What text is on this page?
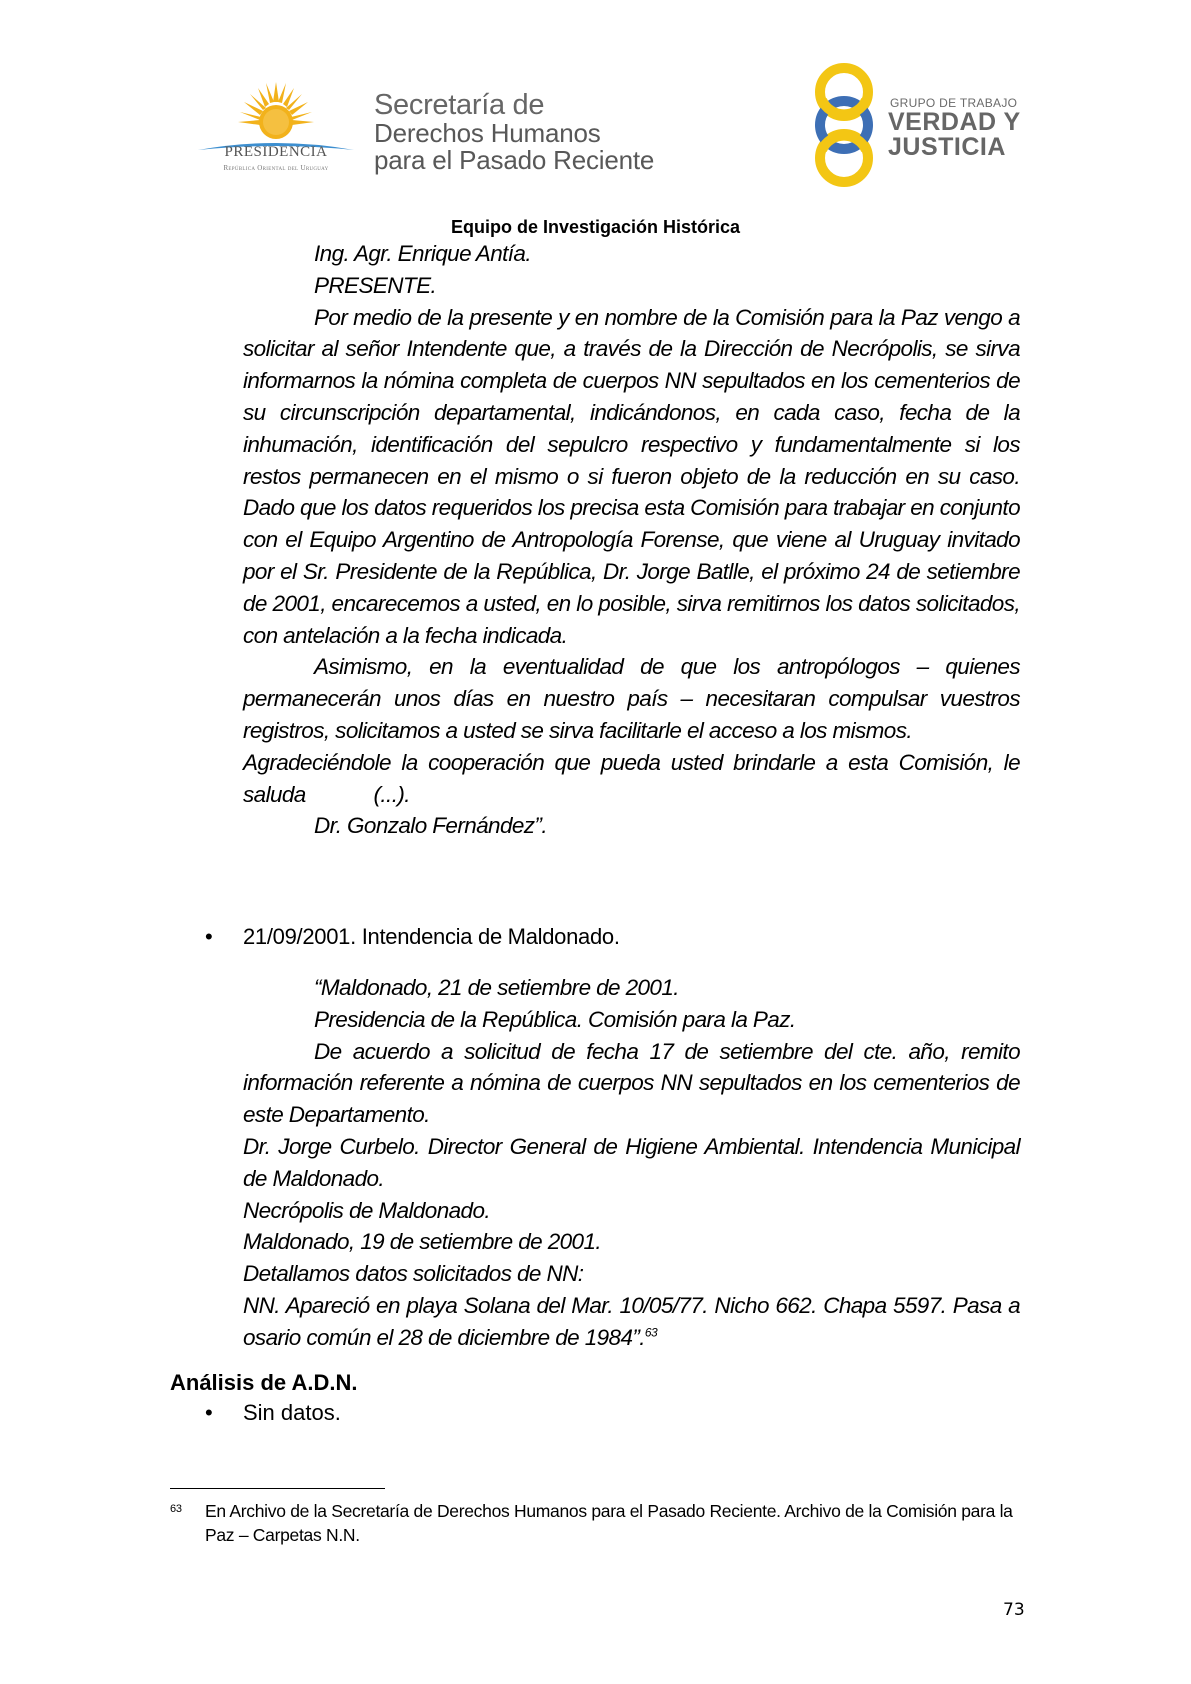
PRESIDENCIA
República Oriental del Uruguay
Secretaría de
Derechos Humanos
para el Pasado Reciente
GRUPO DE TRABAJO
VERDAD Y
JUSTICIA
Equipo de Investigación Histórica

Ing. Agr. Enrique Antía.

PRESENTE.

Por medio de la presente y en nombre de la Comisión para la Paz vengo a solicitar al señor Intendente que, a través de la Dirección de Necrópolis, se sirva informarnos la nómina completa de cuerpos NN sepultados en los cementerios de su circunscripción departamental, indicándonos, en cada caso, fecha de la inhumación, identificación del sepulcro respectivo y fundamentalmente si los restos permanecen en el mismo o si fueron objeto de la reducción en su caso. Dado que los datos requeridos los precisa esta Comisión para trabajar en conjunto con el Equipo Argentino de Antropología Forense, que viene al Uruguay invitado por el Sr. Presidente de la República, Dr. Jorge Batlle, el próximo 24 de setiembre de 2001, encarecemos a usted, en lo posible, sirva remitirnos los datos solicitados, con antelación a la fecha indicada.

Asimismo, en la eventualidad de que los antropólogos – quienes permanecerán unos días en nuestro país – necesitaran compulsar vuestros registros, solicitamos a usted se sirva facilitarle el acceso a los mismos.

Agradeciéndole la cooperación que pueda usted brindarle a esta Comisión, le saluda            (...).

Dr. Gonzalo Fernández”.

• 21/09/2001. Intendencia de Maldonado.

“Maldonado, 21 de setiembre de 2001.

Presidencia de la República. Comisión para la Paz.

De acuerdo a solicitud de fecha 17 de setiembre del cte. año, remito información referente a nómina de cuerpos NN sepultados en los cementerios de este Departamento.

Dr. Jorge Curbelo. Director General de Higiene Ambiental. Intendencia Municipal de Maldonado.

Necrópolis de Maldonado.

Maldonado, 19 de setiembre de 2001.

Detallamos datos solicitados de NN:

NN. Apareció en playa Solana del Mar. 10/05/77. Nicho 662. Chapa 5597. Pasa a osario común el 28 de diciembre de 1984”.$^{63}$

Análisis de A.D.N.
• Sin datos.
63 En Archivo de la Secretaría de Derechos Humanos para el Pasado Reciente. Archivo de la Comisión para la Paz – Carpetas N.N.
73
